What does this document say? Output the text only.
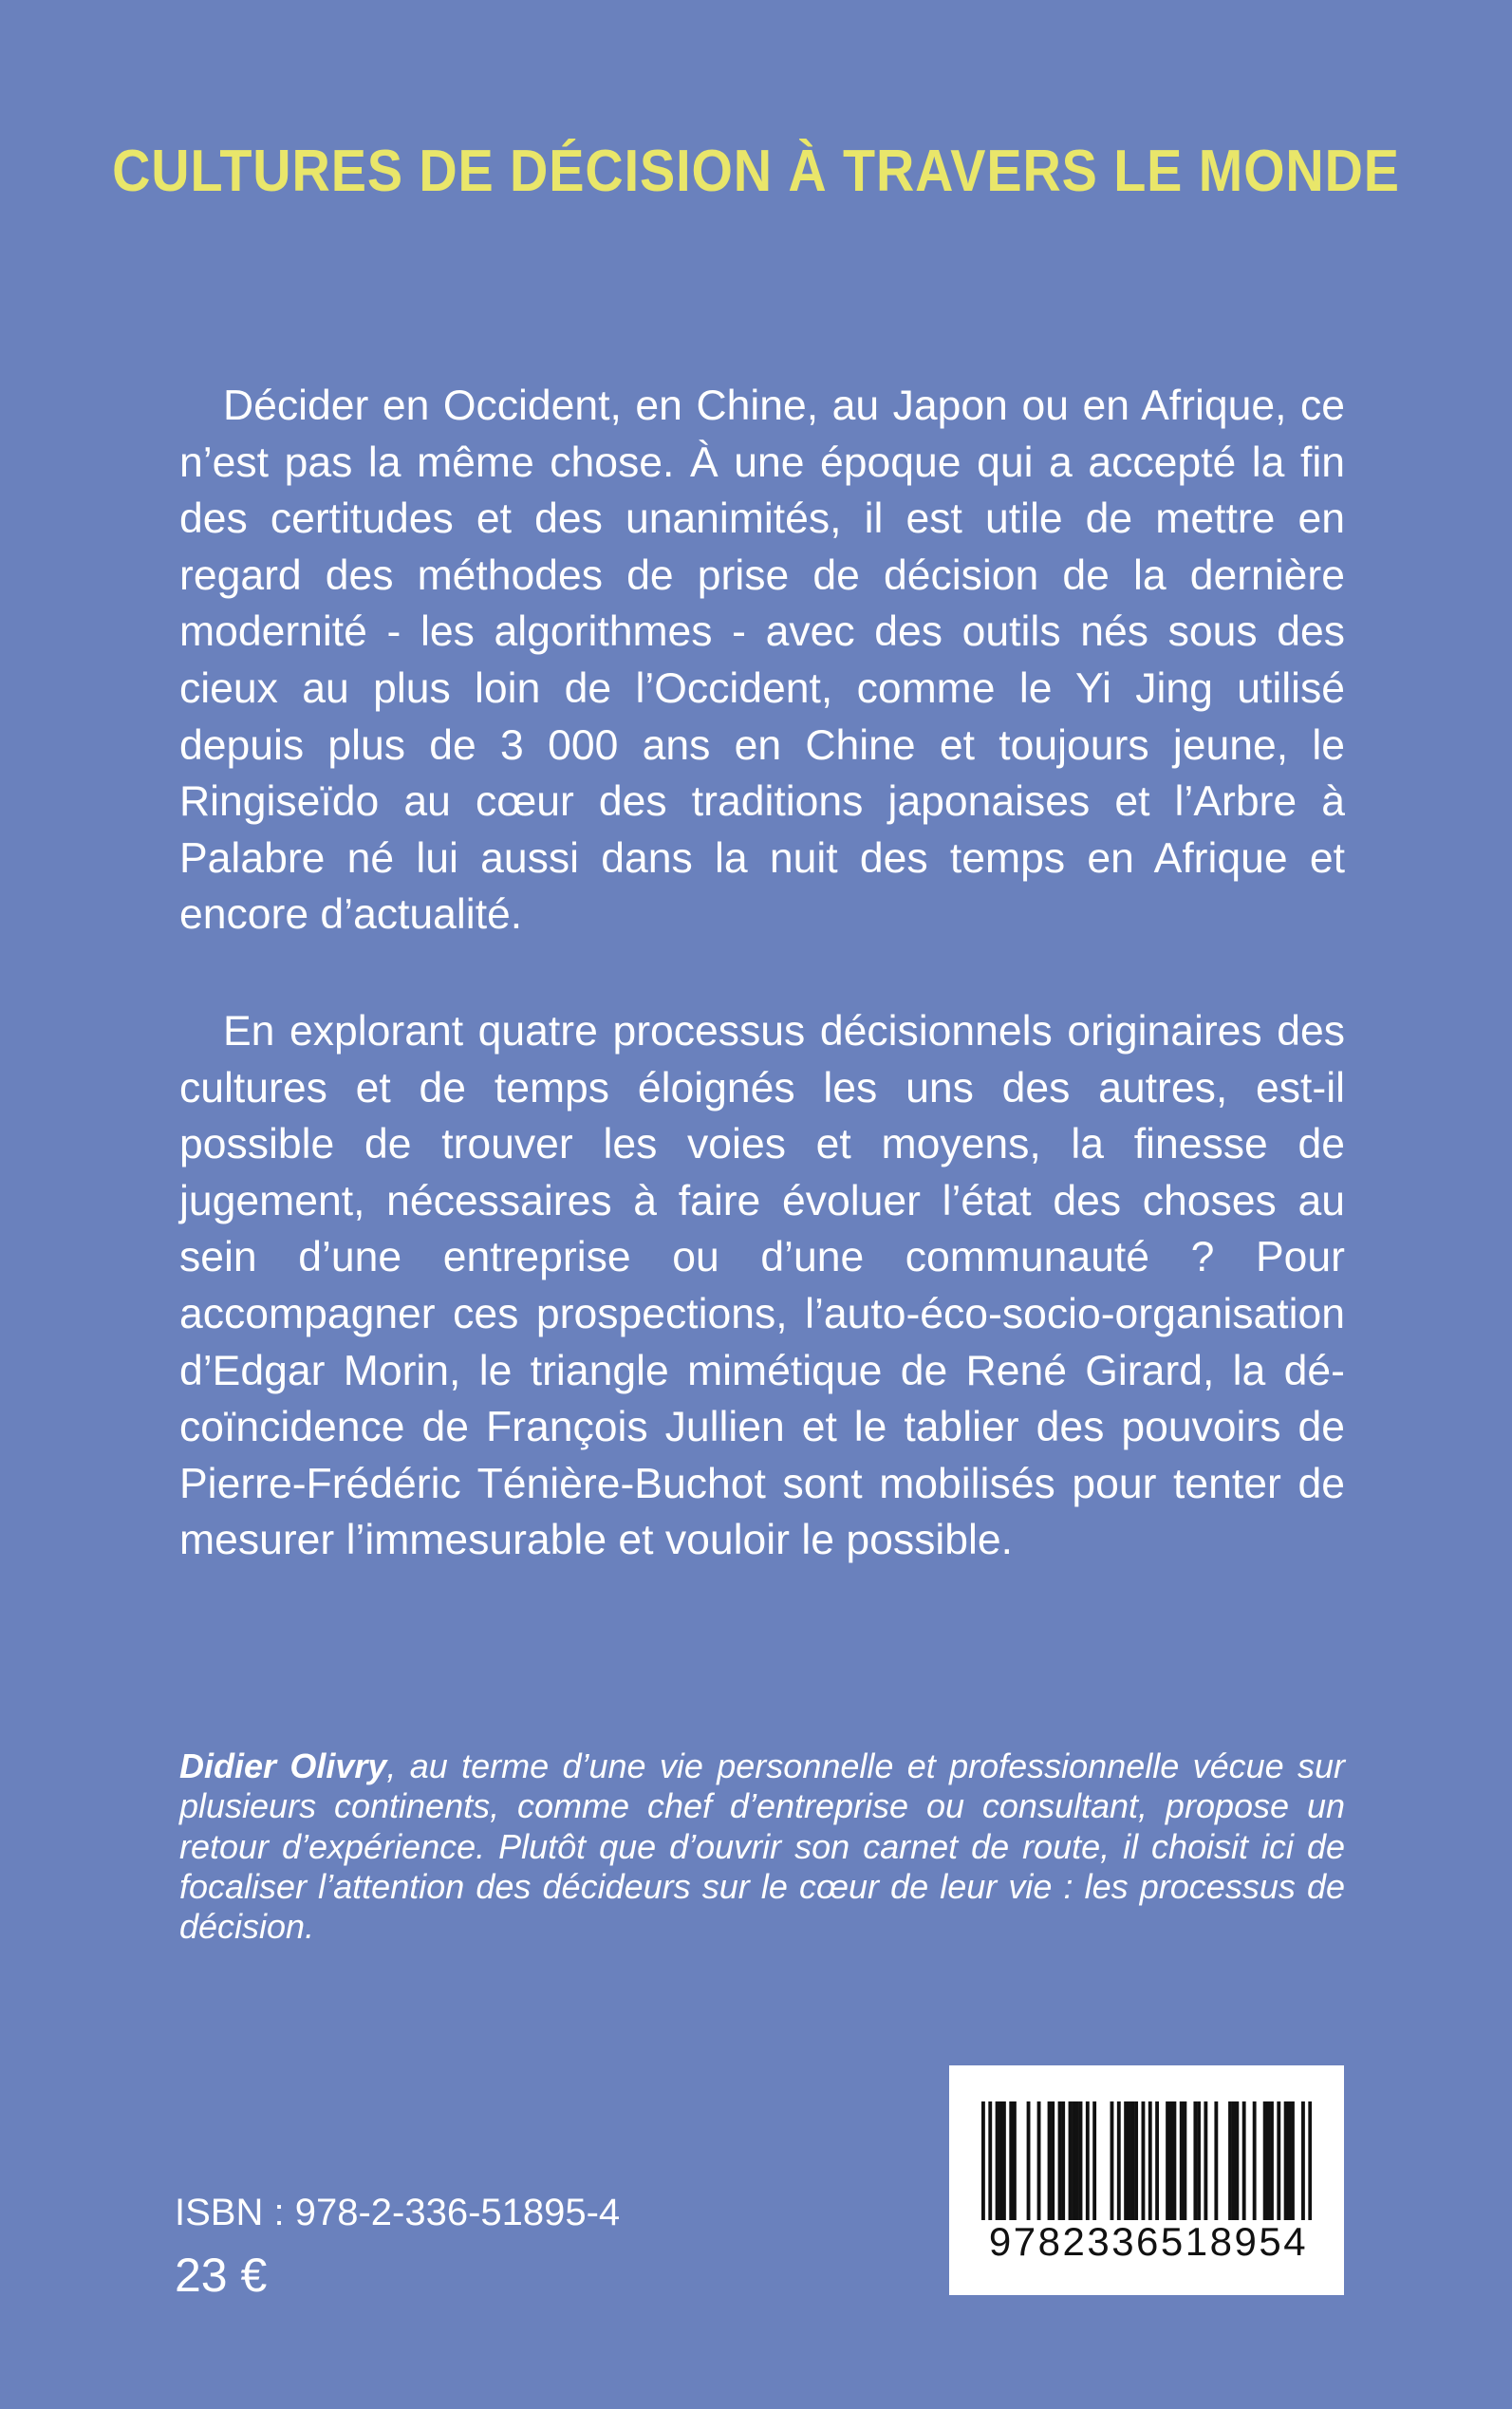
CULTURES DE DÉCISION À TRAVERS LE MONDE

Décider en Occident, en Chine, au Japon ou en Afrique, ce n’est pas la même chose. À une époque qui a accepté la fin des certitudes et des unanimités, il est utile de mettre en regard des méthodes de prise de décision de la dernière modernité - les algorithmes - avec des outils nés sous des cieux au plus loin de l’Occident, comme le Yi Jing utilisé depuis plus de 3 000 ans en Chine et toujours jeune, le Ringiseïdo au cœur des traditions japonaises et l’Arbre à Palabre né lui aussi dans la nuit des temps en Afrique et encore d’actualité.

En explorant quatre processus décisionnels originaires des cultures et de temps éloignés les uns des autres, est-il possible de trouver les voies et moyens, la finesse de jugement, nécessaires à faire évoluer l’état des choses au sein d’une entreprise ou d’une communauté ? Pour accompagner ces prospections, l’auto-éco-socio-organisation d’Edgar Morin, le triangle mimétique de René Girard, la dé-coïncidence de François Jullien et le tablier des pouvoirs de Pierre-Frédéric Ténière-Buchot sont mobilisés pour tenter de mesurer l’immesurable et vouloir le possible.

Didier Olivry, au terme d’une vie personnelle et professionnelle vécue sur plusieurs continents, comme chef d’entreprise ou consultant, propose un retour d’expérience. Plutôt que d’ouvrir son carnet de route, il choisit ici de focaliser l’attention des décideurs sur le cœur de leur vie : les processus de décision.

ISBN : 978-2-336-51895-4

23 €

9782336518954
